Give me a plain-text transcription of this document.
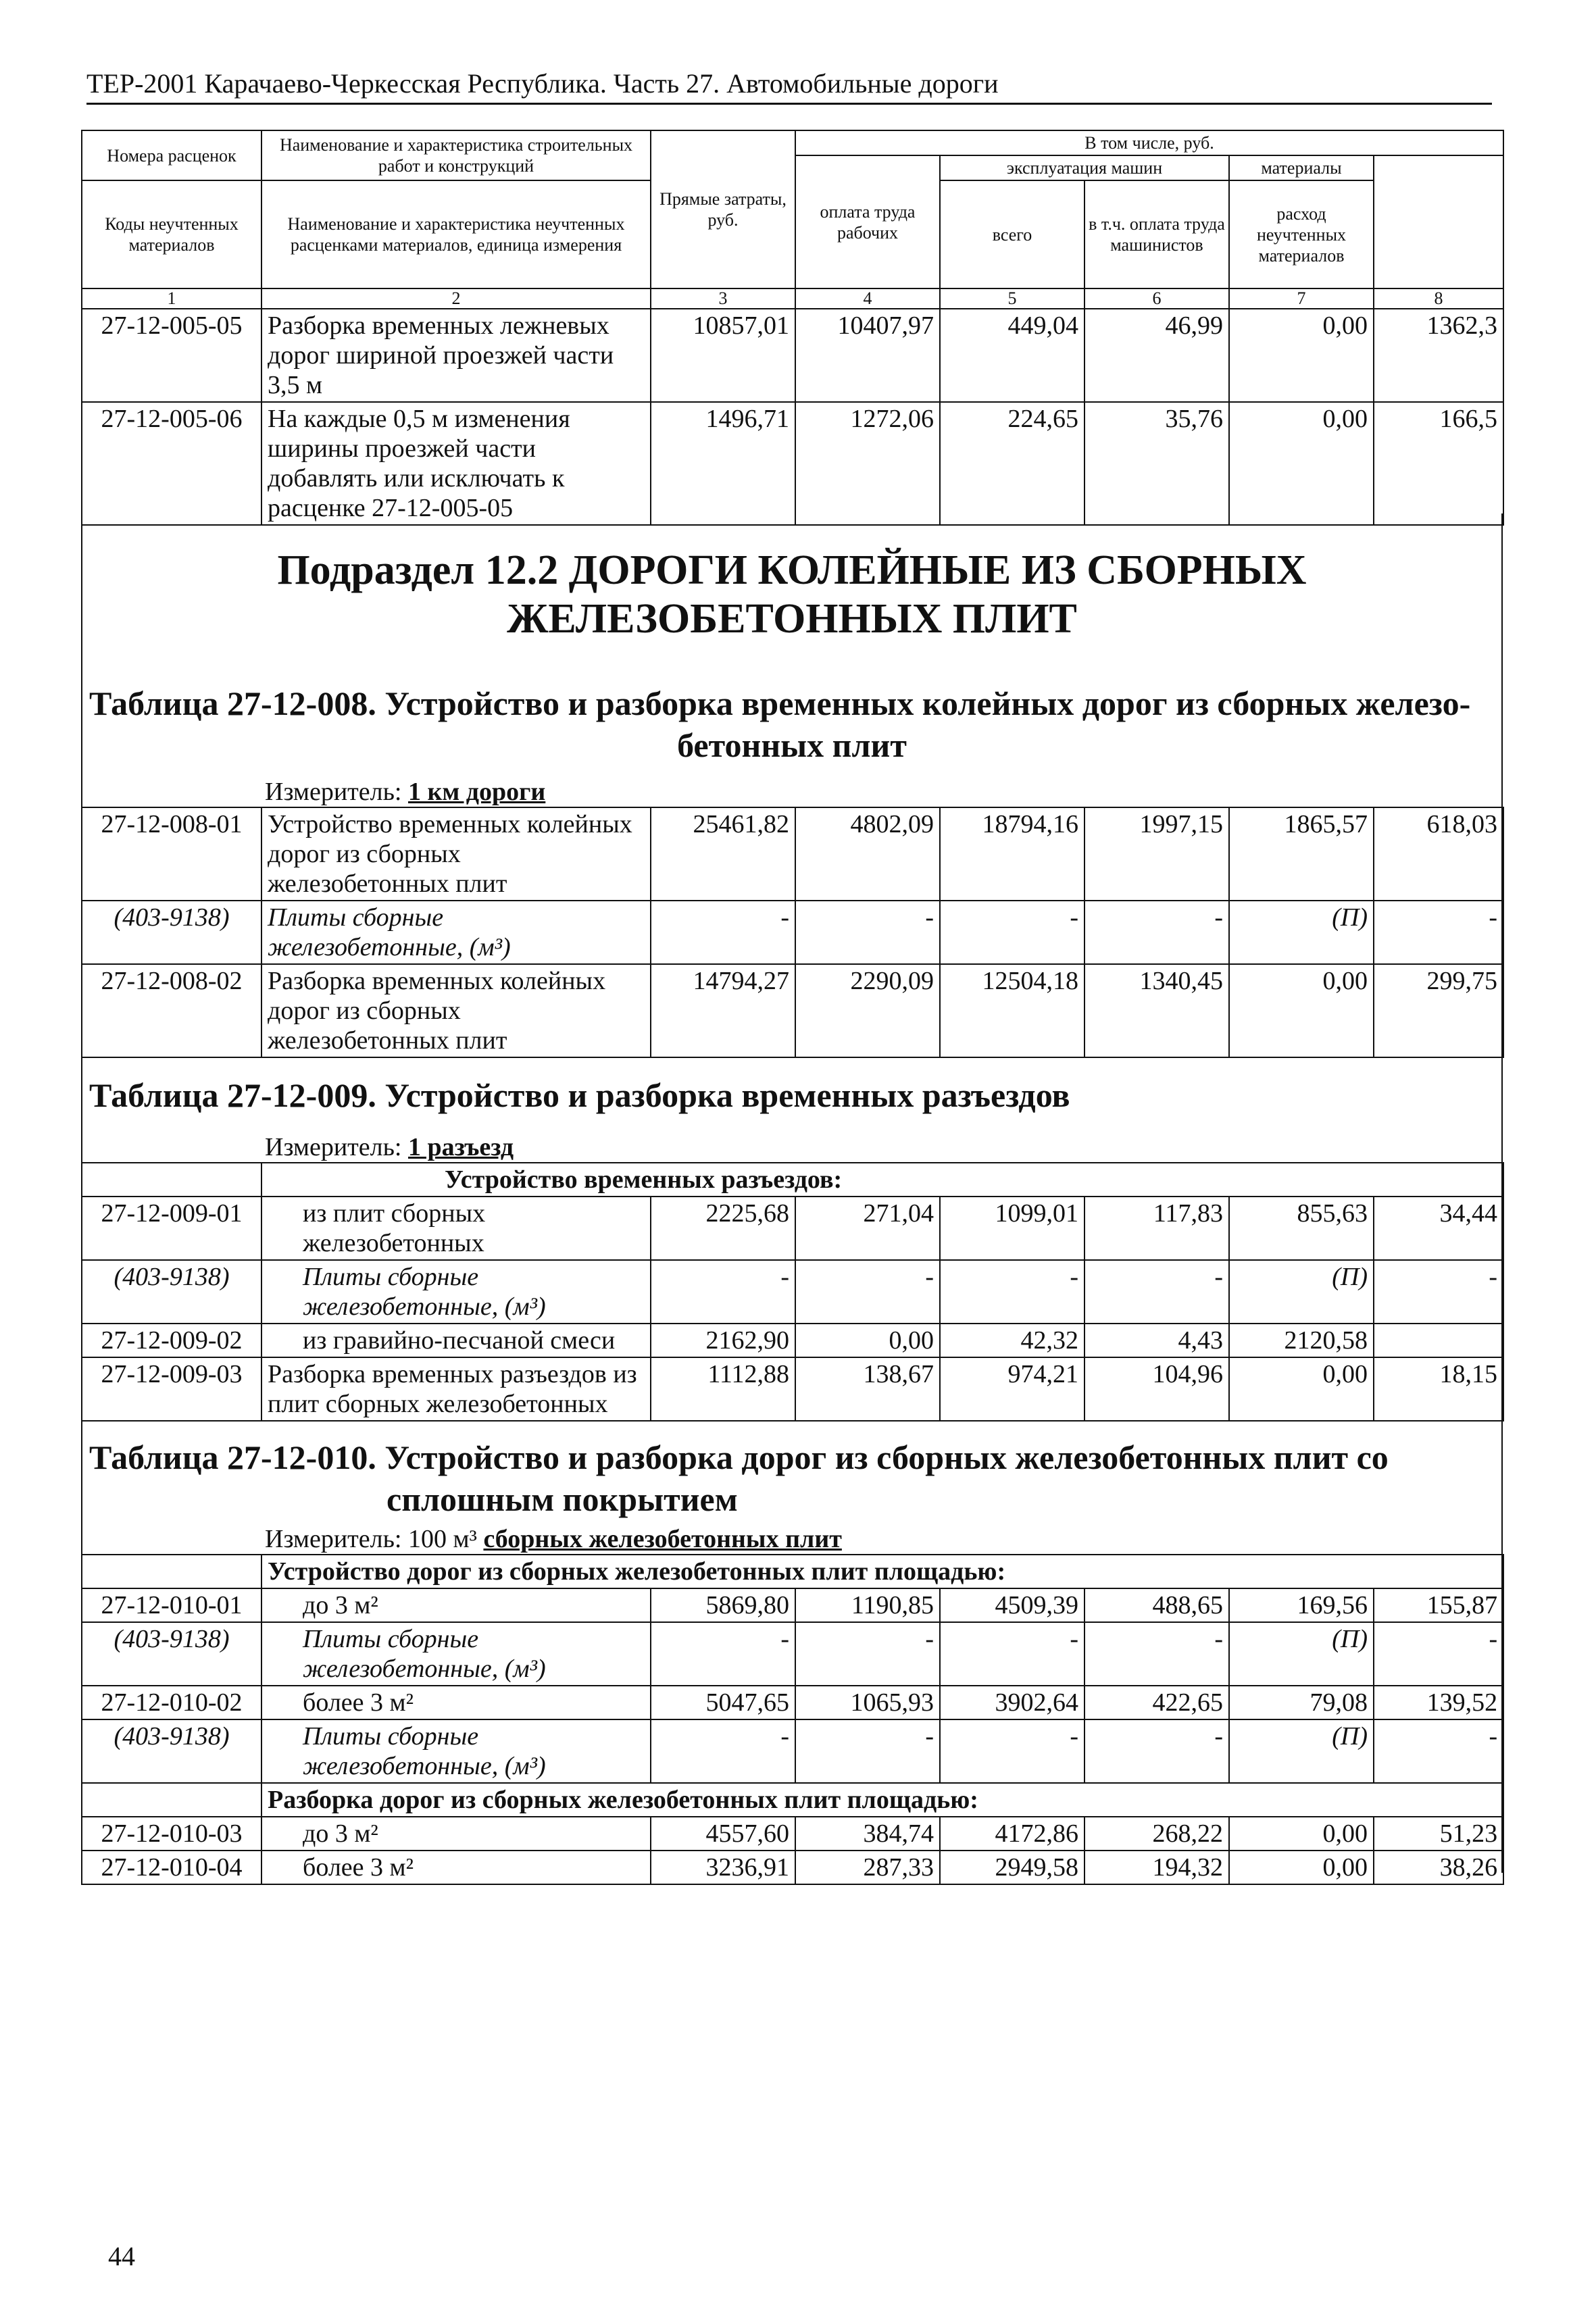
ТЕР-2001 Карачаево-Черкесская Республика. Часть 27. Автомобильные дороги
Номера расценок	Наименование и характеристика строительных работ и конструкций	Прямые затраты, руб.	В том числе, руб.	
			оплата труда рабочих	эксплуатация машин		материалы		
Коды неучтенных материалов	Наименование и характеристика неучтенных расценками материалов, единица измерения			всего	в т.ч. оплата труда машинистов	расход неучтенных материалов		

1	2	3	4	5	6	7	8	
27-12-005-05	Разборка временных лежневых дорог шириной проезжей части 3,5 м	10857,01	10407,97	449,04	46,99	0,00	1362,3	
27-12-005-06	На каждые 0,5 м изменения ширины проезжей части добавлять или исключать к расценке 27-12-005-05	1496,71	1272,06	224,65	35,76	0,00	166,5	
Подраздел 12.2 ДОРОГИ КОЛЕЙНЫЕ ИЗ СБОРНЫХ ЖЕЛЕЗОБЕТОННЫХ ПЛИТ
Таблица 27-12-008. Устройство и разборка временных колейных дорог из сборных железо-
бетонных плит
Измеритель: 1 км дороги
27-12-008-01	Устройство временных колейных дорог из сборных железобетонных плит	25461,82	4802,09	18794,16	1997,15	1865,57	618,03
(403-9138)	Плиты сборные железобетонные, (м³)	-	-	-	-	(П)	-
27-12-008-02	Разборка временных колейных дорог из сборных железобетонных плит	14794,27	2290,09	12504,18	1340,45	0,00	299,75
Таблица 27-12-009. Устройство и разборка временных разъездов
Измеритель: 1 разъезд
	Устройство временных разъездов:						
27-12-009-01	из плит сборных железобетонных	2225,68	271,04	1099,01	117,83	855,63	34,44
(403-9138)	Плиты сборные железобетонные, (м³)	-	-	-	-	(П)	-
27-12-009-02	из гравийно-песчаной смеси	2162,90	0,00	42,32	4,43	2120,58	
27-12-009-03	Разборка временных разъездов из плит сборных железобетонных	1112,88	138,67	974,21	104,96	0,00	18,15
Таблица 27-12-010. Устройство и разборка дорог из сборных железобетонных плит со
сплошным покрытием
Измеритель: 100 м³ сборных железобетонных плит
	Устройство дорог из сборных железобетонных плит площадью:						
27-12-010-01	до 3 м²	5869,80	1190,85	4509,39	488,65	169,56	155,87
(403-9138)	Плиты сборные железобетонные, (м³)	-	-	-	-	(П)	-
27-12-010-02	более 3 м²	5047,65	1065,93	3902,64	422,65	79,08	139,52
(403-9138)	Плиты сборные железобетонные, (м³)	-	-	-	-	(П)	-
	Разборка дорог из сборных железобетонных плит площадью:						
27-12-010-03	до 3 м²	4557,60	384,74	4172,86	268,22	0,00	51,23
27-12-010-04	более 3 м²	3236,91	287,33	2949,58	194,32	0,00	38,26
44
